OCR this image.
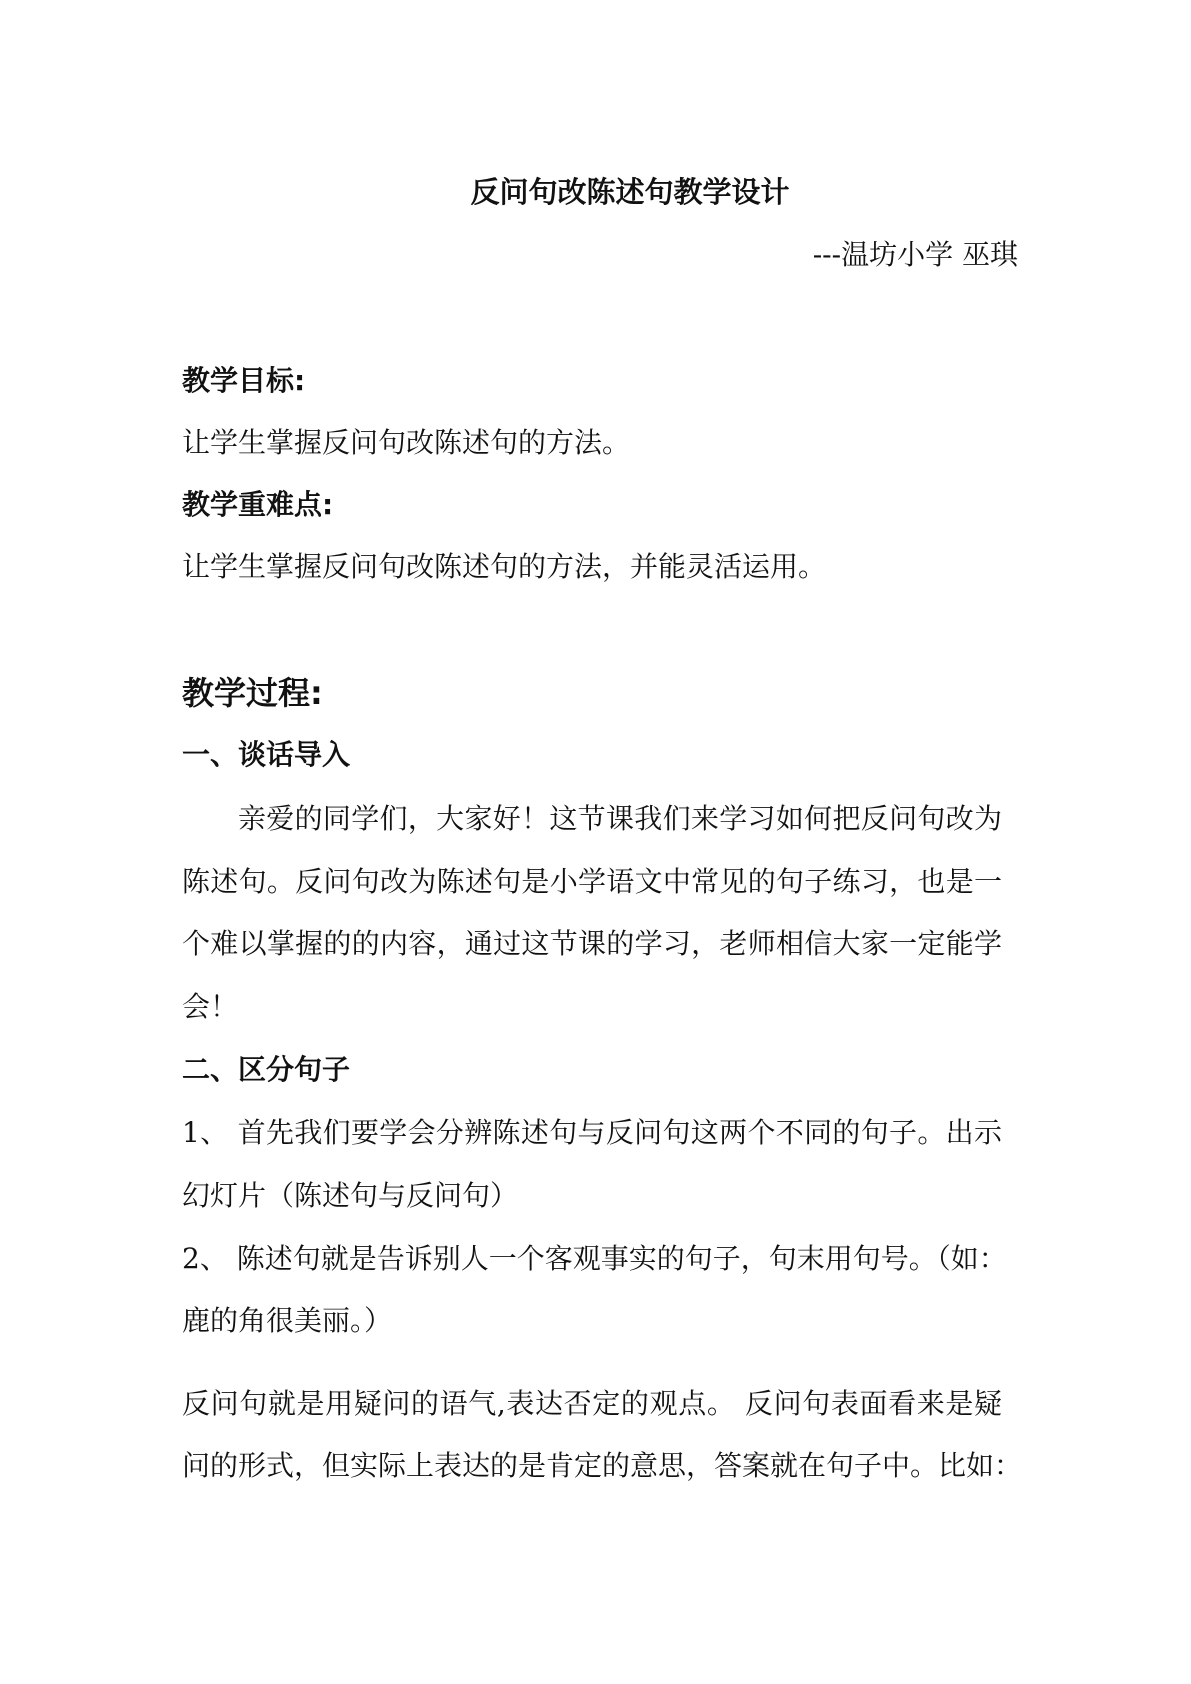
反问句改陈述句教学设计
---温坊小学 巫琪
教学目标:
让学生掌握反问句改陈述句的方法。
教学重难点:
让学生掌握反问句改陈述句的方法，并能灵活运用。
教学过程:
一、谈话导入
亲爱的同学们，大家好！这节课我们来学习如何把反问句改为
陈述句。反问句改为陈述句是小学语文中常见的句子练习，也是一
个难以掌握的的内容，通过这节课的学习，老师相信大家一定能学
会！
二、区分句子
1、 首先我们要学会分辨陈述句与反问句这两个不同的句子。出示
幻灯片（陈述句与反问句）
2、 陈述句就是告诉别人一个客观事实的句子，句末用句号。（如：
鹿的角很美丽。）
反问句就是用疑问的语气,表达否定的观点。 反问句表面看来是疑
问的形式，但实际上表达的是肯定的意思，答案就在句子中。比如：
